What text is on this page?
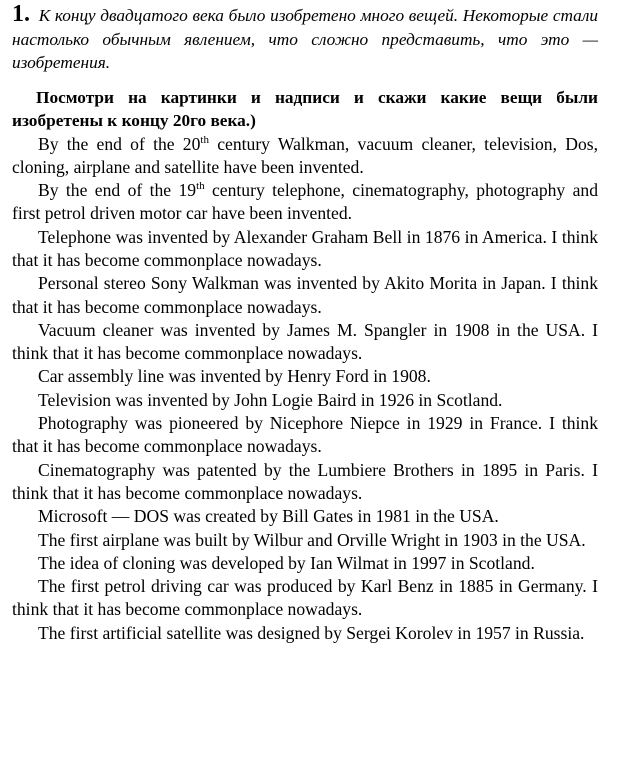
1. К концу двадцатого века было изобретено много вещей. Некоторые стали настолько обычным явлением, что сложно представить, что это — изобретения.

Посмотри на картинки и надписи и скажи какие вещи были изобретены к концу 20го века.)

By the end of the 20th century Walkman, vacuum cleaner, television, Dos, cloning, airplane and satellite have been invented.

By the end of the 19th century telephone, cinematography, photography and first petrol driven motor car have been invented.

Telephone was invented by Alexander Graham Bell in 1876 in America. I think that it has become commonplace nowadays.

Personal stereo Sony Walkman was invented by Akito Morita in Japan. I think that it has become commonplace nowadays.

Vacuum cleaner was invented by James M. Spangler in 1908 in the USA. I think that it has become commonplace nowadays.

Car assembly line was invented by Henry Ford in 1908.

Television was invented by John Logie Baird in 1926 in Scotland.

Photography was pioneered by Nicephore Niepce in 1929 in France. I think that it has become commonplace nowadays.

Cinematography was patented by the Lumbiere Brothers in 1895 in Paris. I think that it has become commonplace nowadays.

Microsoft — DOS was created by Bill Gates in 1981 in the USA.

The first airplane was built by Wilbur and Orville Wright in 1903 in the USA.

The idea of cloning was developed by Ian Wilmat in 1997 in Scotland.

The first petrol driving car was produced by Karl Benz in 1885 in Germany. I think that it has become commonplace nowadays.

The first artificial satellite was designed by Sergei Korolev in 1957 in Russia.
